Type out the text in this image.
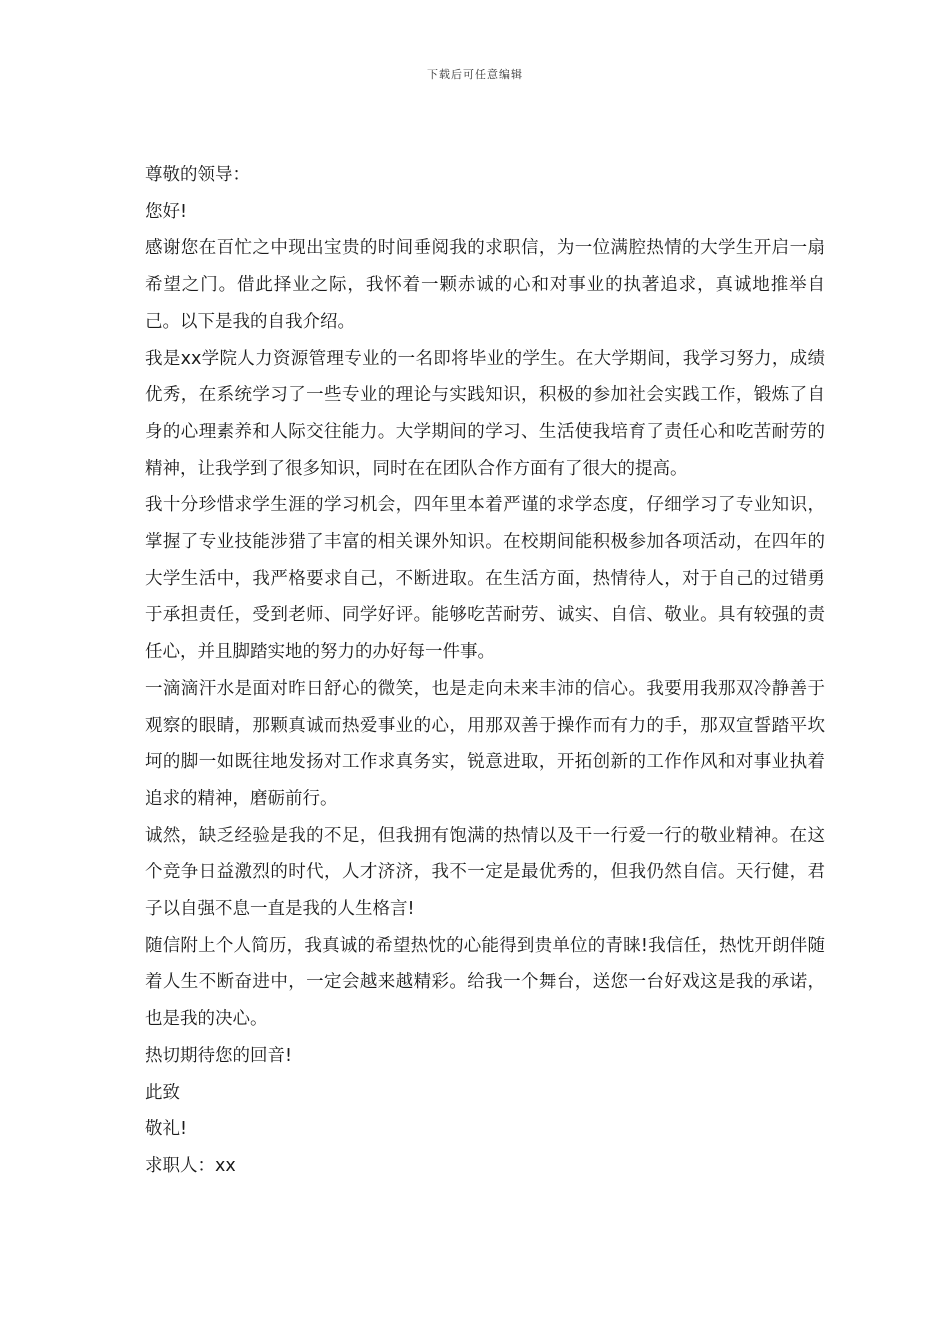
下载后可任意编辑

尊敬的领导：

您好!

感谢您在百忙之中现出宝贵的时间垂阅我的求职信，为一位满腔热情的大学生开启一扇希望之门。借此择业之际，我怀着一颗赤诚的心和对事业的执著追求，真诚地推举自己。以下是我的自我介绍。

我是xx学院人力资源管理专业的一名即将毕业的学生。在大学期间，我学习努力，成绩优秀，在系统学习了一些专业的理论与实践知识，积极的参加社会实践工作，锻炼了自身的心理素养和人际交往能力。大学期间的学习、生活使我培育了责任心和吃苦耐劳的精神，让我学到了很多知识，同时在在团队合作方面有了很大的提高。

我十分珍惜求学生涯的学习机会，四年里本着严谨的求学态度，仔细学习了专业知识，掌握了专业技能涉猎了丰富的相关课外知识。在校期间能积极参加各项活动，在四年的大学生活中，我严格要求自己，不断进取。在生活方面，热情待人，对于自己的过错勇于承担责任，受到老师、同学好评。能够吃苦耐劳、诚实、自信、敬业。具有较强的责任心，并且脚踏实地的努力的办好每一件事。

一滴滴汗水是面对昨日舒心的微笑，也是走向未来丰沛的信心。我要用我那双冷静善于观察的眼睛，那颗真诚而热爱事业的心，用那双善于操作而有力的手，那双宣誓踏平坎坷的脚一如既往地发扬对工作求真务实，锐意进取，开拓创新的工作作风和对事业执着追求的精神，磨砺前行。

诚然，缺乏经验是我的不足，但我拥有饱满的热情以及干一行爱一行的敬业精神。在这个竞争日益激烈的时代，人才济济，我不一定是最优秀的，但我仍然自信。天行健，君子以自强不息一直是我的人生格言!

随信附上个人简历，我真诚的希望热忱的心能得到贵单位的青睐!我信任，热忱开朗伴随着人生不断奋进中，一定会越来越精彩。给我一个舞台，送您一台好戏这是我的承诺，也是我的决心。

热切期待您的回音!

此致

敬礼!

求职人：xx
